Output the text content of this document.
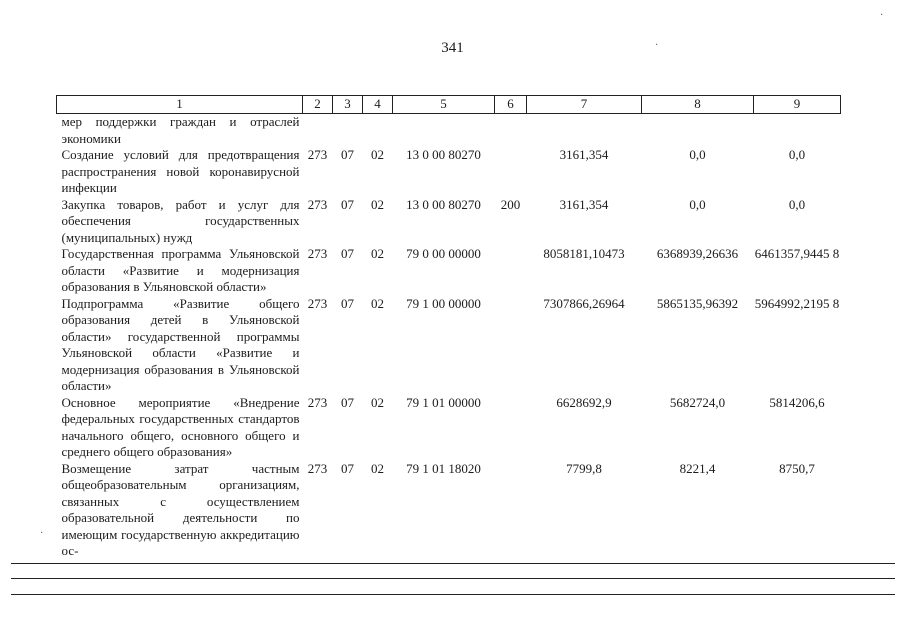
341
1	2	3	4	5	6	7	8	9
мер поддержки граждан и отраслей экономики								
Создание условий для предотвращения распространения новой коронавирусной инфекции	273	07	02	13 0 00 80270		3161,354	0,0	0,0
Закупка товаров, работ и услуг для обеспечения государственных (муниципальных) нужд	273	07	02	13 0 00 80270	200	3161,354	0,0	0,0
Государственная программа Ульяновской области «Развитие и модернизация образования в Ульяновской области»	273	07	02	79 0 00 00000		8058181,10473	6368939,26636	6461357,9445 8
Подпрограмма «Развитие общего образования детей в Ульяновской области» государственной программы Ульяновской области «Развитие и модернизация образования в Ульяновской области»	273	07	02	79 1 00 00000		7307866,26964	5865135,96392	5964992,2195 8
Основное мероприятие «Внедрение федеральных государственных стандартов начального общего, основного общего и среднего общего образования»	273	07	02	79 1 01 00000		6628692,9	5682724,0	5814206,6
Возмещение затрат частным общеобразовательным организациям, связанных с осуществлением образовательной деятельности по имеющим государственную аккредитацию ос-	273	07	02	79 1 01 18020		7799,8	8221,4	8750,7
·
·
·
